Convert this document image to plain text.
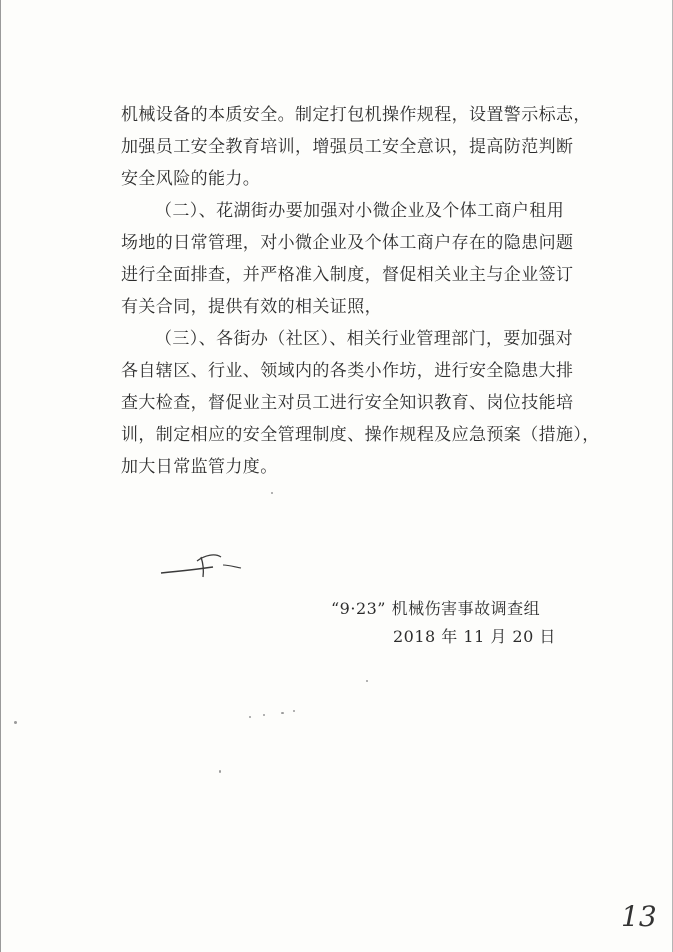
机械设备的本质安全。制定打包机操作规程，设置警示标志，
加强员工安全教育培训，增强员工安全意识，提高防范判断
安全风险的能力。
（二）、花湖街办要加强对小微企业及个体工商户租用
场地的日常管理，对小微企业及个体工商户存在的隐患问题
进行全面排查，并严格准入制度，督促相关业主与企业签订
有关合同，提供有效的相关证照，
（三）、各街办（社区）、相关行业管理部门，要加强对
各自辖区、行业、领域内的各类小作坊，进行安全隐患大排
查大检查，督促业主对员工进行安全知识教育、岗位技能培
训，制定相应的安全管理制度、操作规程及应急预案（措施），
加大日常监管力度。
“9·23” 机械伤害事故调查组
2018 年 11 月 20 日
13
